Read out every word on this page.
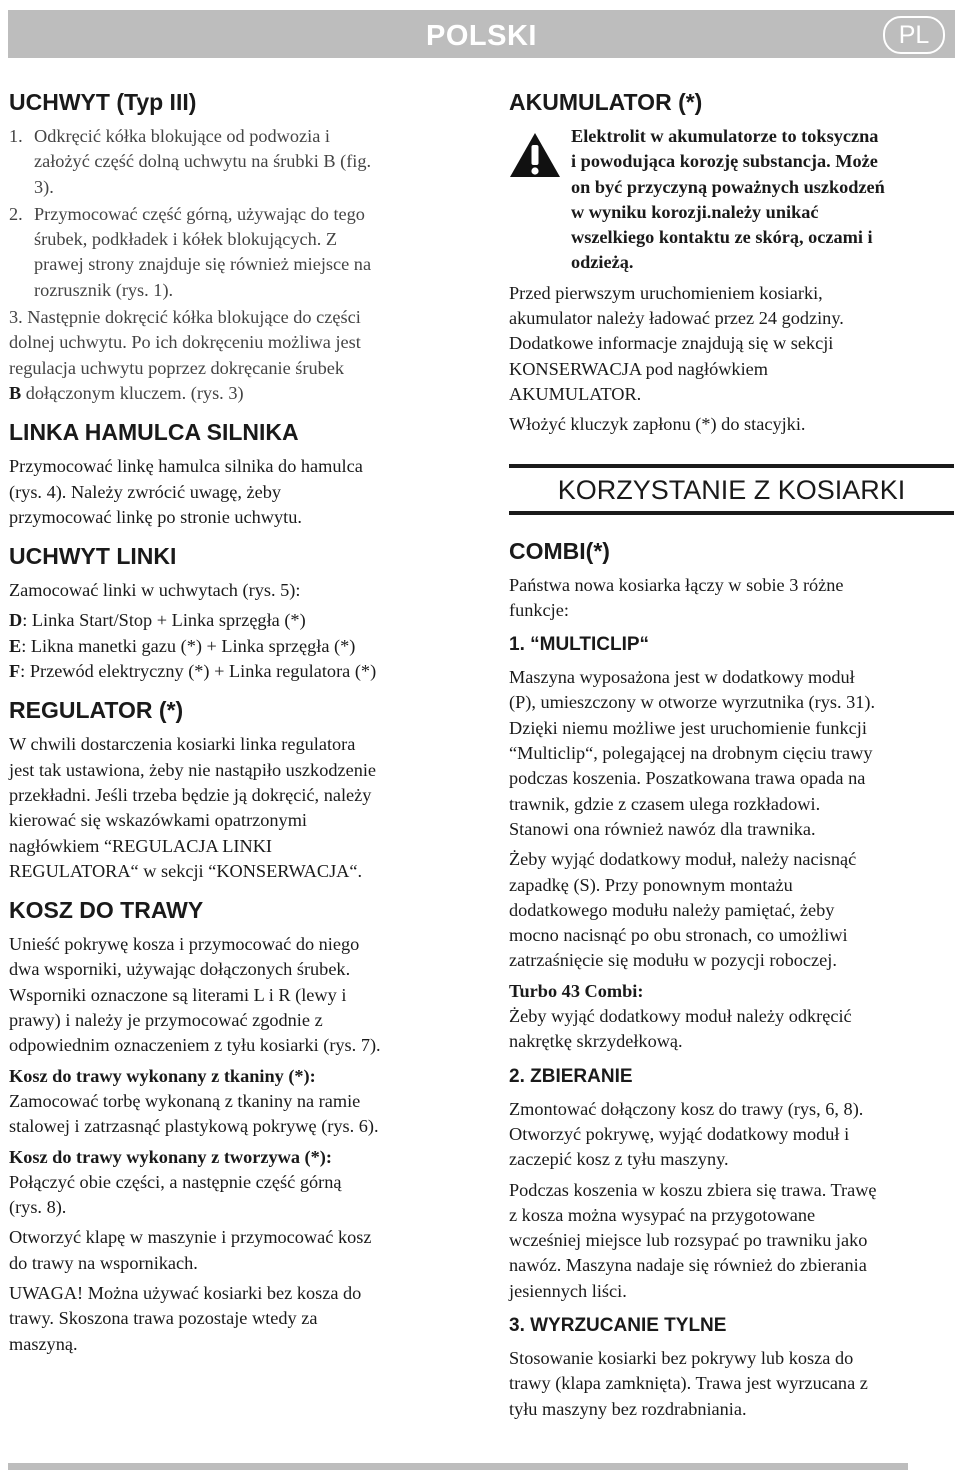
POLSKI	PL
UCHWYT (Typ III)
1. Odkręcić kółka blokujące od podwozia i
założyć część dolną uchwytu na śrubki B (fig.
3).
2. Przymocować część górną, używając do tego
śrubek, podkładek i kółek blokujących. Z
prawej strony znajduje się również miejsce na
rozrusznik (rys. 1).
3. Następnie dokręcić kółka blokujące do części
dolnej uchwytu. Po ich dokręceniu możliwa jest
regulacja uchwytu poprzez dokręcanie śrubek
B dołączonym kluczem. (rys. 3)
LINKA HAMULCA SILNIKA
Przymocować linkę hamulca silnika do hamulca
(rys. 4). Należy zwrócić uwagę, żeby
przymocować linkę po stronie uchwytu.
UCHWYT LINKI
Zamocować linki w uchwytach (rys. 5):
D: Linka Start/Stop + Linka sprzęgła (*)
E: Likna manetki gazu (*) + Linka sprzęgła (*)
F: Przewód elektryczny (*) + Linka regulatora (*)
REGULATOR (*)
W chwili dostarczenia kosiarki linka regulatora
jest tak ustawiona, żeby nie nastąpiło uszkodzenie
przekładni. Jeśli trzeba będzie ją dokręcić, należy
kierować się wskazówkami opatrzonymi
nagłówkiem “REGULACJA LINKI
REGULATORA“ w sekcji “KONSERWACJA“.
KOSZ DO TRAWY
Unieść pokrywę kosza i przymocować do niego
dwa wsporniki, używając dołączonych śrubek.
Wsporniki oznaczone są literami L i R (lewy i
prawy) i należy je przymocować zgodnie z
odpowiednim oznaczeniem z tyłu kosiarki (rys. 7).
Kosz do trawy wykonany z tkaniny (*):
Zamocować torbę wykonaną z tkaniny na ramie
stalowej i zatrzasnąć plastykową pokrywę (rys. 6).
Kosz do trawy wykonany z tworzywa (*):
Połączyć obie części, a następnie część górną
(rys. 8).
Otworzyć klapę w maszynie i przymocować kosz
do trawy na wspornikach.
UWAGA! Można używać kosiarki bez kosza do
trawy. Skoszona trawa pozostaje wtedy za
maszyną.
AKUMULATOR (*)
Elektrolit w akumulatorze to toksyczna
i powodująca korozję substancja. Może
on być przyczyną poważnych uszkodzeń
w wyniku korozji.należy unikać
wszelkiego kontaktu ze skórą, oczami i
odzieżą.
Przed pierwszym uruchomieniem kosiarki,
akumulator należy ładować przez 24 godziny.
Dodatkowe informacje znajdują się w sekcji
KONSERWACJA pod nagłówkiem
AKUMULATOR.
Włożyć kluczyk zapłonu (*) do stacyjki.
KORZYSTANIE Z KOSIARKI
COMBI(*)
Państwa nowa kosiarka łączy w sobie 3 różne
funkcje:
1. “MULTICLIP“
Maszyna wyposażona jest w dodatkowy moduł
(P), umieszczony w otworze wyrzutnika (rys. 31).
Dzięki niemu możliwe jest uruchomienie funkcji
“Multiclip“, polegającej na drobnym cięciu trawy
podczas koszenia. Poszatkowana trawa opada na
trawnik, gdzie z czasem ulega rozkładowi.
Stanowi ona również nawóz dla trawnika.
Żeby wyjąć dodatkowy moduł, należy nacisnąć
zapadkę (S). Przy ponownym montażu
dodatkowego modułu należy pamiętać, żeby
mocno nacisnąć po obu stronach, co umożliwi
zatrzaśnięcie się modułu w pozycji roboczej.
Turbo 43 Combi:
Żeby wyjąć dodatkowy moduł należy odkręcić
nakrętkę skrzydełkową.
2. ZBIERANIE
Zmontować dołączony kosz do trawy (rys, 6, 8).
Otworzyć pokrywę, wyjąć dodatkowy moduł i
zaczepić kosz z tyłu maszyny.
Podczas koszenia w koszu zbiera się trawa. Trawę
z kosza można wysypać na przygotowane
wcześniej miejsce lub rozsypać po trawniku jako
nawóz. Maszyna nadaje się również do zbierania
jesiennych liści.
3. WYRZUCANIE TYLNE
Stosowanie kosiarki bez pokrywy lub kosza do
trawy (klapa zamknięta). Trawa jest wyrzucana z
tyłu maszyny bez rozdrabniania.
